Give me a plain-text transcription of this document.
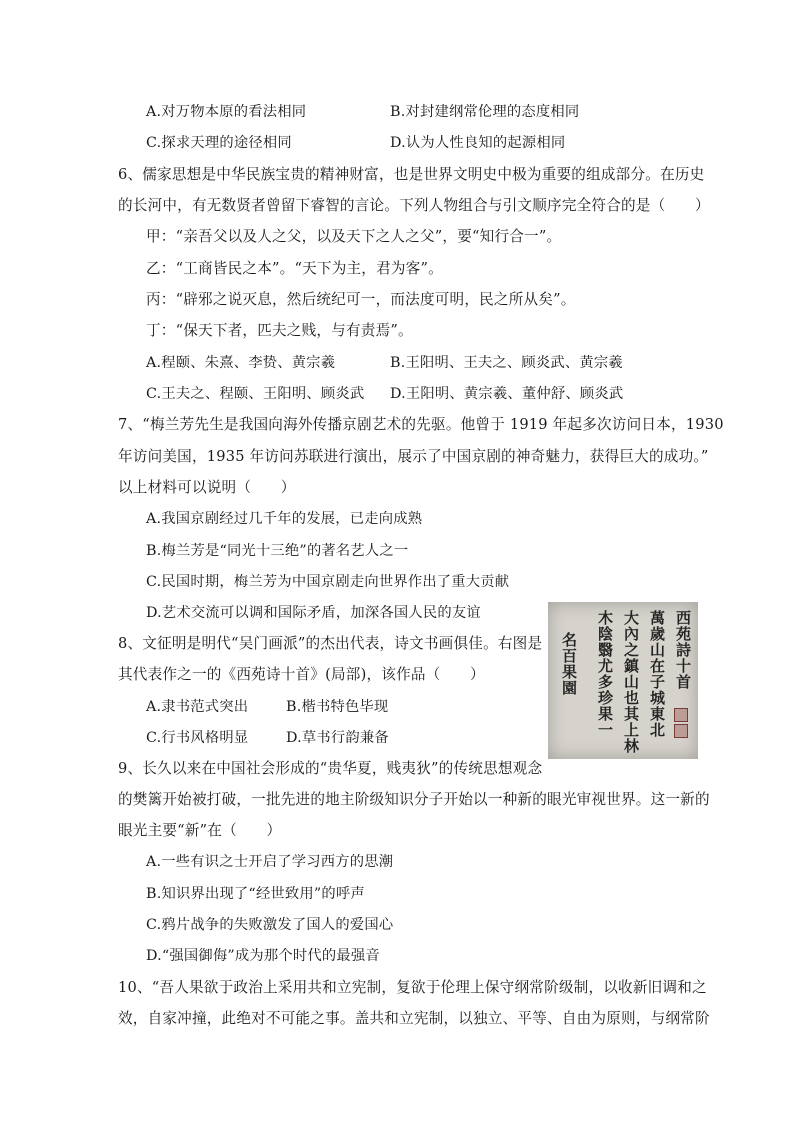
A.对万物本原的看法相同	B.对封建纲常伦理的态度相同
C.探求天理的途径相同	D.认为人性良知的起源相同
6、儒家思想是中华民族宝贵的精神财富，也是世界文明史中极为重要的组成部分。在历史
的长河中，有无数贤者曾留下睿智的言论。下列人物组合与引文顺序完全符合的是（　　）
甲：“亲吾父以及人之父，以及天下之人之父”，要“知行合一”。
乙：“工商皆民之本”。“天下为主，君为客”。
丙：“辟邪之说灭息，然后统纪可一，而法度可明，民之所从矣”。
丁：“保天下者，匹夫之贱，与有责焉”。
A.程颐、朱熹、李贽、黄宗羲	B.王阳明、王夫之、顾炎武、黄宗羲
C.王夫之、程颐、王阳明、顾炎武 D.王阳明、黄宗羲、董仲舒、顾炎武
7、“梅兰芳先生是我国向海外传播京剧艺术的先驱。他曾于 1919 年起多次访问日本，1930
年访问美国，1935 年访问苏联进行演出，展示了中国京剧的神奇魅力，获得巨大的成功。”
以上材料可以说明（　　）
A.我国京剧经过几千年的发展，已走向成熟
B.梅兰芳是“同光十三绝”的著名艺人之一
C.民国时期，梅兰芳为中国京剧走向世界作出了重大贡献
D.艺术交流可以调和国际矛盾，加深各国人民的友谊
8、文征明是明代“吴门画派”的杰出代表，诗文书画俱佳。右图是
其代表作之一的《西苑诗十首》(局部)，该作品（　　）
A.隶书范式突出	B.楷书特色毕现
C.行书风格明显	D.草书行韵兼备
9、长久以来在中国社会形成的“贵华夏，贱夷狄”的传统思想观念
的樊篱开始被打破，一批先进的地主阶级知识分子开始以一种新的眼光审视世界。这一新的
眼光主要“新”在（　　）
A.一些有识之士开启了学习西方的思潮
B.知识界出现了“经世致用”的呼声
C.鸦片战争的失败激发了国人的爱国心
D.“强国御侮”成为那个时代的最强音
10、“吾人果欲于政治上采用共和立宪制，复欲于伦理上保守纲常阶级制，以收新旧调和之
效，自家冲撞，此绝对不可能之事。盖共和立宪制，以独立、平等、自由为原则，与纲常阶
西苑詩十首
萬歲山在子城東北
大內之鎮山也其上林
木陰翳尤多珍果一
名百果園
